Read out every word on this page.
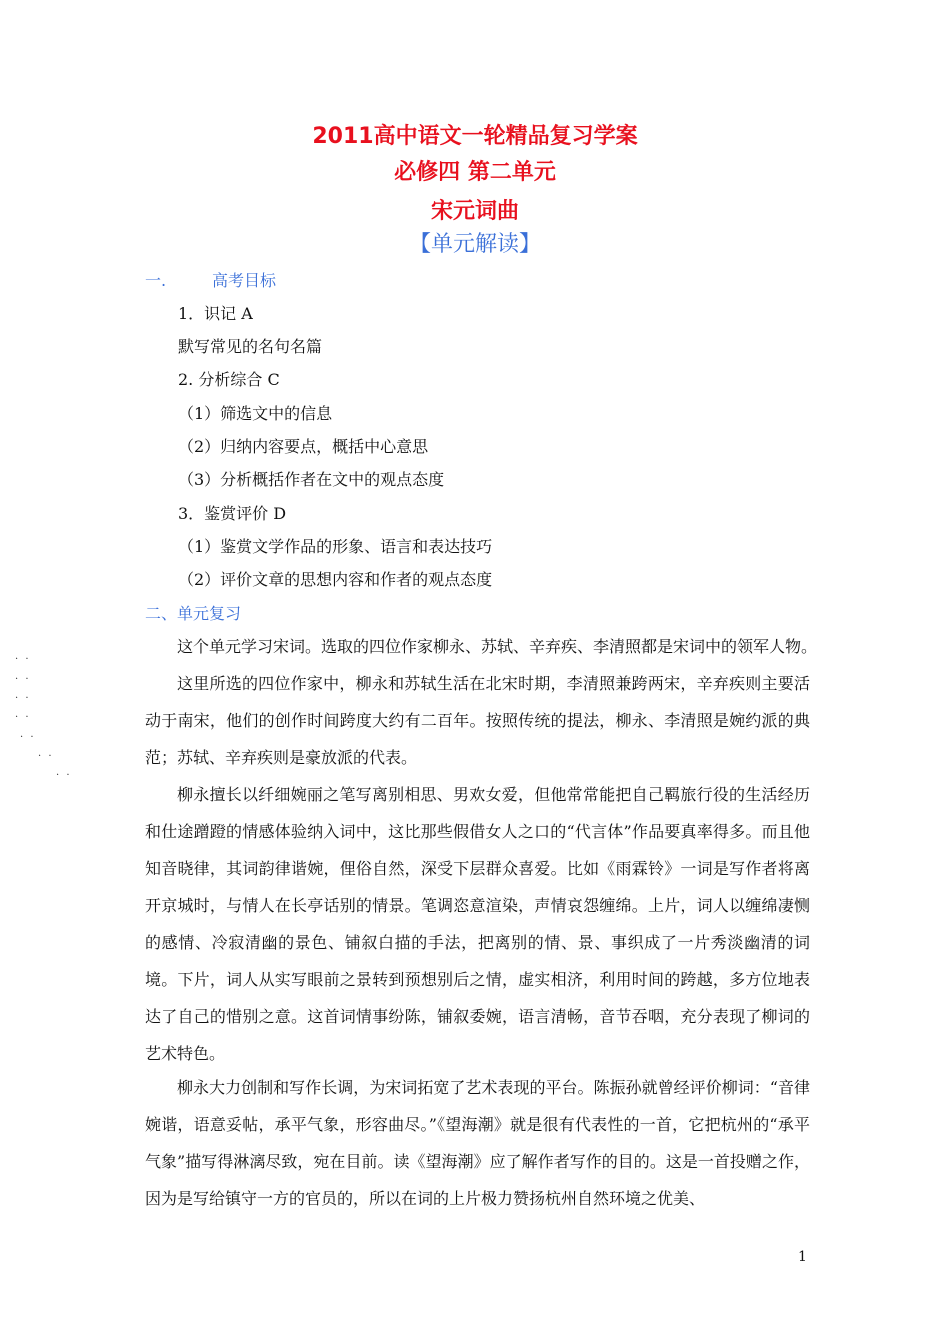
2011高中语文一轮精品复习学案
必修四 第二单元
宋元词曲
【单元解读】
一.	高考目标
1．识记 A
默写常见的名句名篇
2. 分析综合 C
（1）筛选文中的信息
（2）归纳内容要点，概括中心意思
（3）分析概括作者在文中的观点态度
3．鉴赏评价 D
（1）鉴赏文学作品的形象、语言和表达技巧
（2）评价文章的思想内容和作者的观点态度
二、单元复习
这个单元学习宋词。选取的四位作家柳永、苏轼、辛弃疾、李清照都是宋词中的领军人物。
这里所选的四位作家中，柳永和苏轼生活在北宋时期，李清照兼跨两宋，辛弃疾则主要活动于南宋，他们的创作时间跨度大约有二百年。按照传统的提法，柳永、李清照是婉约派的典范；苏轼、辛弃疾则是豪放派的代表。
柳永擅长以纤细婉丽之笔写离别相思、男欢女爱，但他常常能把自己羁旅行役的生活经历和仕途蹭蹬的情感体验纳入词中，这比那些假借女人之口的“代言体”作品要真率得多。而且他知音晓律，其词韵律谐婉，俚俗自然，深受下层群众喜爱。比如《雨霖铃》一词是写作者将离开京城时，与情人在长亭话别的情景。笔调恣意渲染，声情哀怨缠绵。上片，词人以缠绵凄恻的感情、冷寂清幽的景色、铺叙白描的手法，把离别的情、景、事织成了一片秀淡幽清的词境。下片，词人从实写眼前之景转到预想别后之情，虚实相济，利用时间的跨越，多方位地表达了自己的惜别之意。这首词情事纷陈，铺叙委婉，语言清畅，音节吞咽，充分表现了柳词的艺术特色。
柳永大力创制和写作长调，为宋词拓宽了艺术表现的平台。陈振孙就曾经评价柳词：“音律婉谐，语意妥帖，承平气象，形容曲尽。”《望海潮》就是很有代表性的一首，它把杭州的“承平气象”描写得淋漓尽致，宛在目前。读《望海潮》应了解作者写作的目的。这是一首投赠之作，因为是写给镇守一方的官员的，所以在词的上片极力赞扬杭州自然环境之优美、
. .
. .
. .
. .
. .
. .
. .
1
